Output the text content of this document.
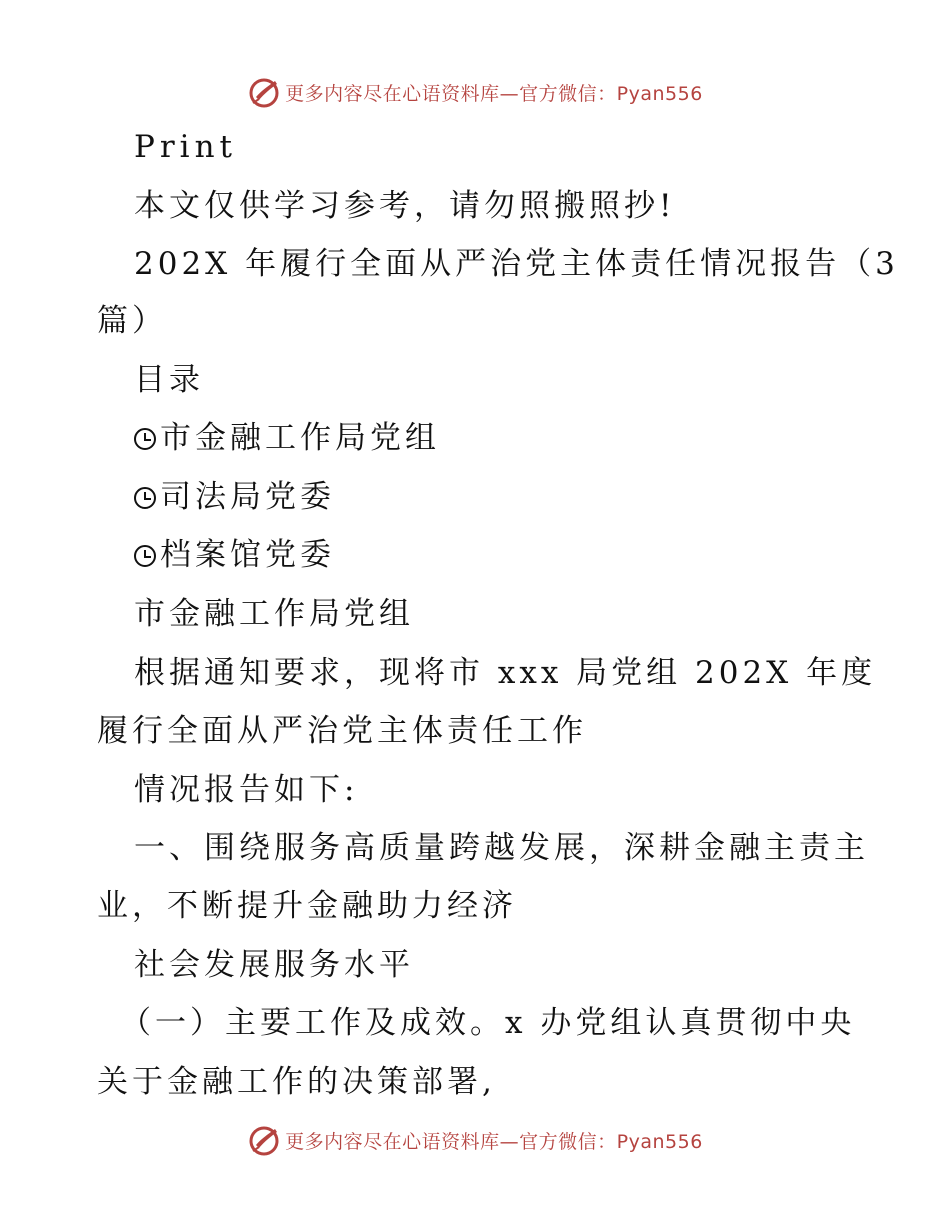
更多内容尽在心语资料库—官方微信：Pyan556
Print
本文仅供学习参考，请勿照搬照抄!
202X 年履行全面从严治党主体责任情况报告（3
篇）
目录
市金融工作局党组
司法局党委
档案馆党委
市金融工作局党组
根据通知要求，现将市 xxx 局党组 202X 年度
履行全面从严治党主体责任工作
情况报告如下:
一、围绕服务高质量跨越发展，深耕金融主责主
业，不断提升金融助力经济
社会发展服务水平
（一）主要工作及成效。x 办党组认真贯彻中央
关于金融工作的决策部署,
更多内容尽在心语资料库—官方微信：Pyan556
